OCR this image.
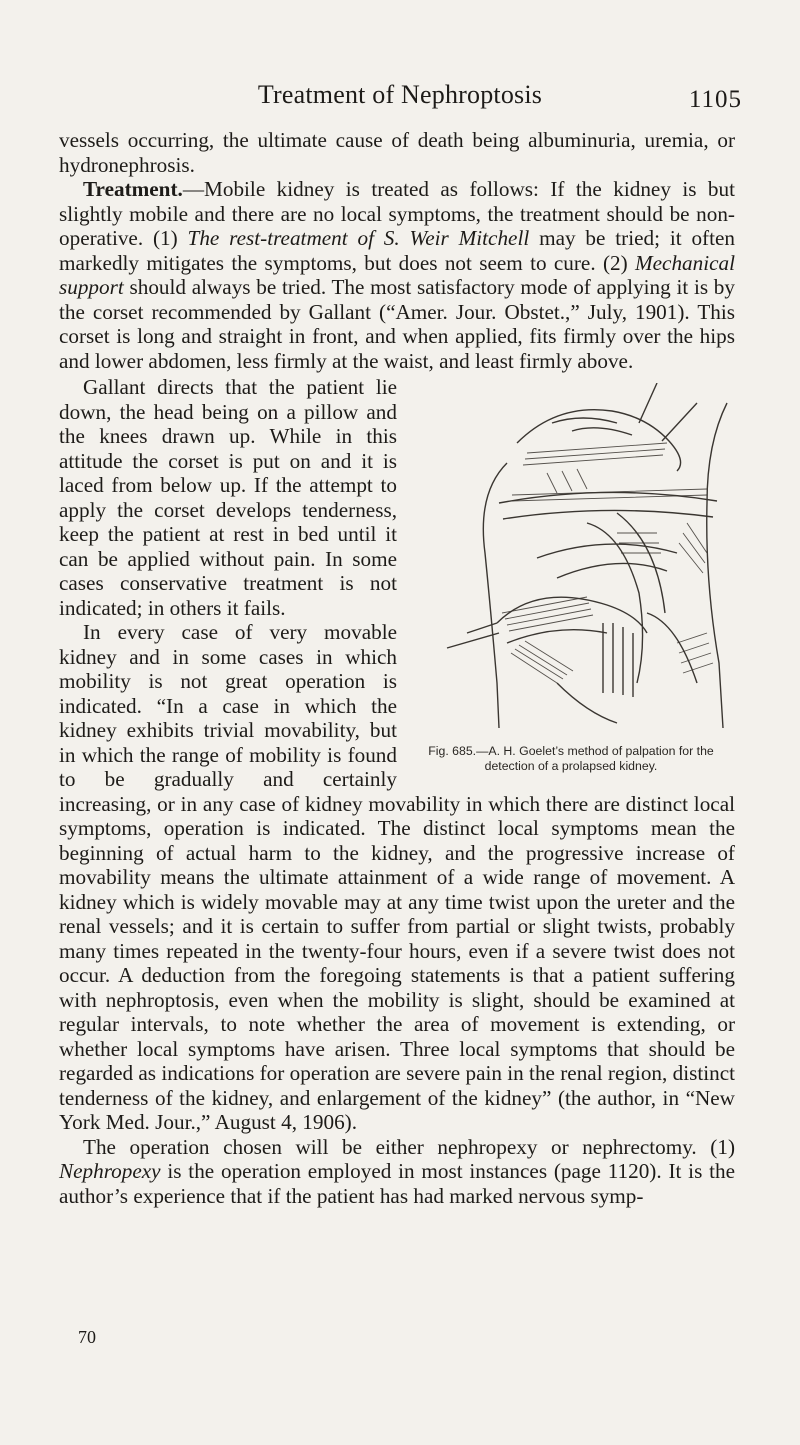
Treatment of Nephroptosis	1105

vessels occurring, the ultimate cause of death being albuminuria, uremia, or hydronephrosis.

Treatment.—Mobile kidney is treated as follows: If the kidney is but slightly mobile and there are no local symptoms, the treatment should be non-operative. (1) The rest-treatment of S. Weir Mitchell may be tried; it often markedly mitigates the symptoms, but does not seem to cure. (2) Mechanical support should always be tried. The most satisfactory mode of applying it is by the corset recommended by Gallant (“Amer. Jour. Obstet.,” July, 1901). This corset is long and straight in front, and when applied, fits firmly over the hips and lower abdomen, less firmly at the waist, and least firmly above.

Fig. 685.—A. H. Goelet’s method of palpation for the detection of a prolapsed kidney.

Gallant directs that the patient lie down, the head being on a pillow and the knees drawn up. While in this attitude the corset is put on and it is laced from below up. If the attempt to apply the corset develops tenderness, keep the patient at rest in bed until it can be applied without pain. In some cases conservative treatment is not indicated; in others it fails.

In every case of very movable kidney and in some cases in which mobility is not great operation is indicated. “In a case in which the kidney exhibits trivial movability, but in which the range of mobility is found to be gradually and certainly increasing, or in any case of kidney movability in which there are distinct local symptoms, operation is indicated. The distinct local symptoms mean the beginning of actual harm to the kidney, and the progressive increase of movability means the ultimate attainment of a wide range of movement. A kidney which is widely movable may at any time twist upon the ureter and the renal vessels; and it is certain to suffer from partial or slight twists, probably many times repeated in the twenty-four hours, even if a severe twist does not occur. A deduction from the foregoing statements is that a patient suffering with nephroptosis, even when the mobility is slight, should be examined at regular intervals, to note whether the area of movement is extending, or whether local symptoms have arisen. Three local symptoms that should be regarded as indications for operation are severe pain in the renal region, distinct tenderness of the kidney, and enlargement of the kidney” (the author, in “New York Med. Jour.,” August 4, 1906).

The operation chosen will be either nephropexy or nephrectomy. (1) Nephropexy is the operation employed in most instances (page 1120). It is the author’s experience that if the patient has had marked nervous symp-

70
